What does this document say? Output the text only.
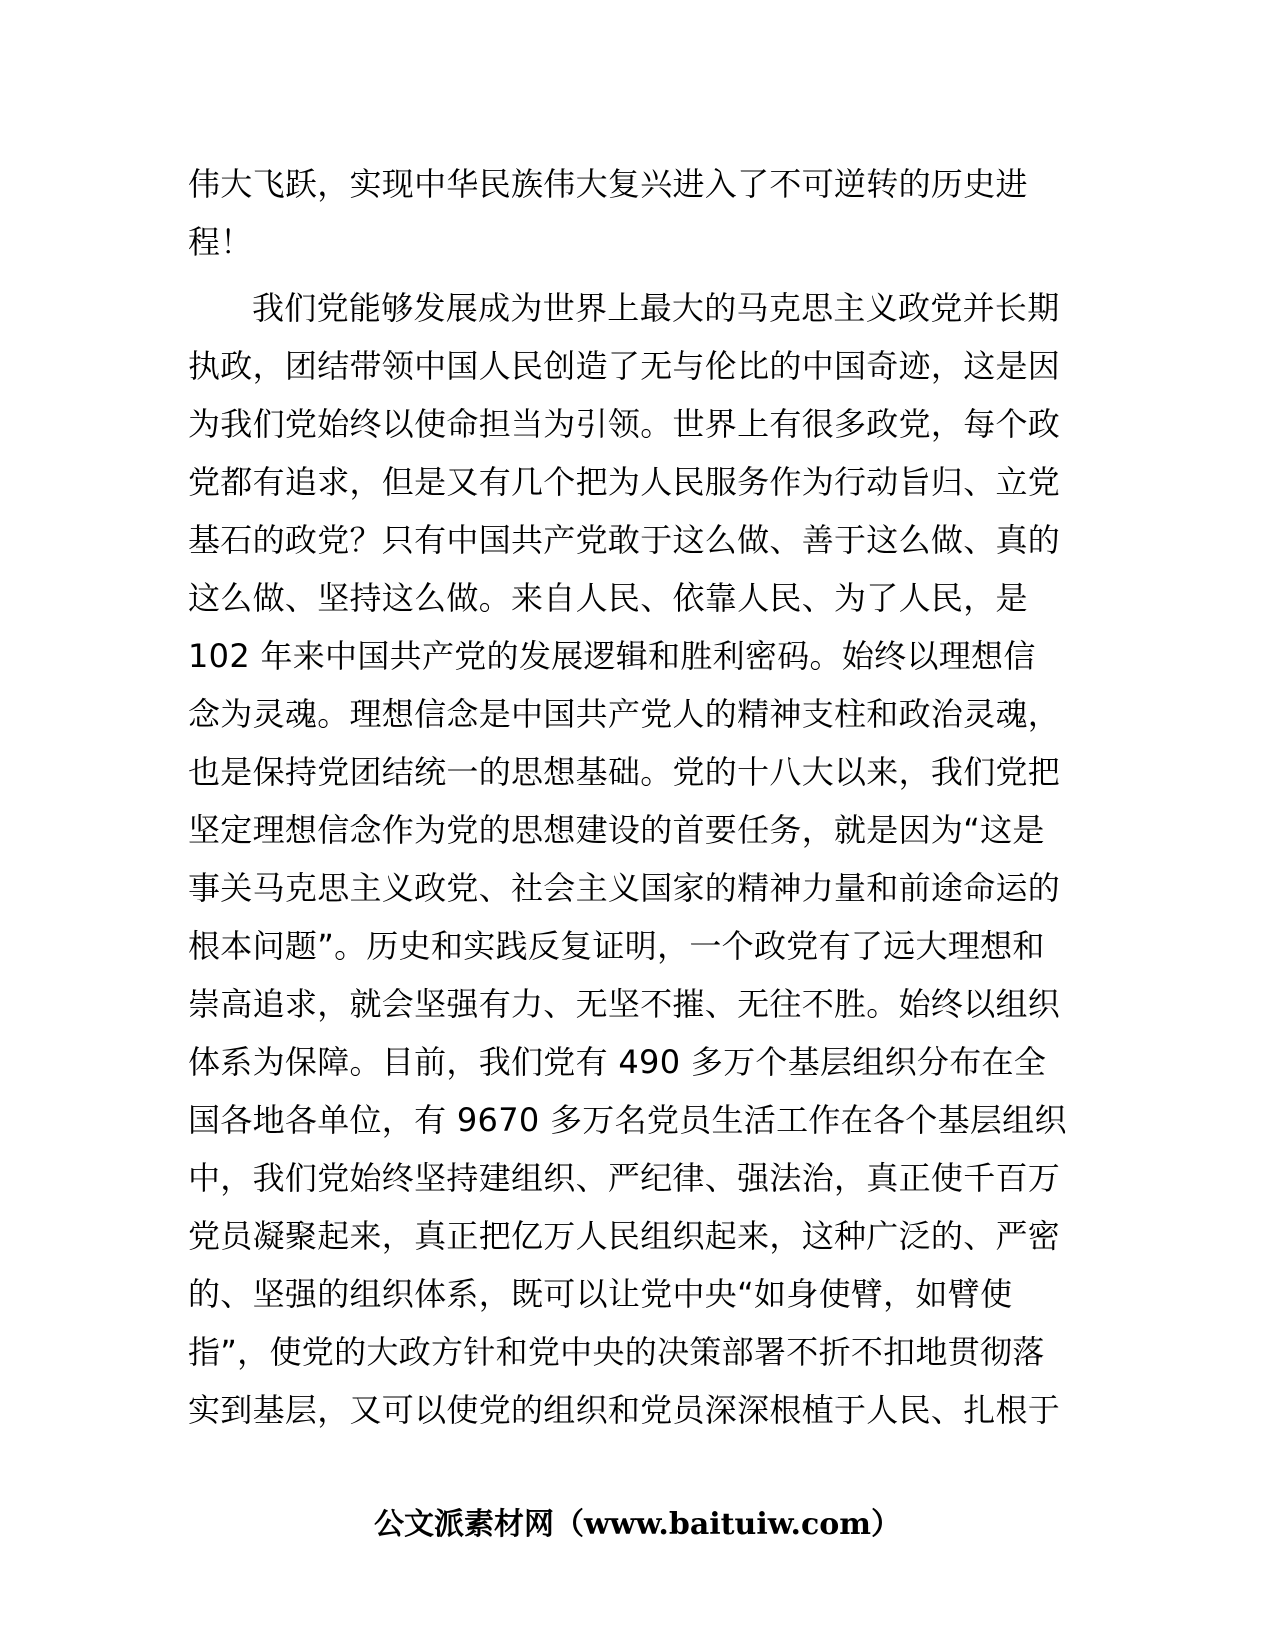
伟大飞跃，实现中华民族伟大复兴进入了不可逆转的历史进
程！
我们党能够发展成为世界上最大的马克思主义政党并长期
执政，团结带领中国人民创造了无与伦比的中国奇迹，这是因
为我们党始终以使命担当为引领。世界上有很多政党，每个政
党都有追求，但是又有几个把为人民服务作为行动旨归、立党
基石的政党？只有中国共产党敢于这么做、善于这么做、真的
这么做、坚持这么做。来自人民、依靠人民、为了人民，是
102 年来中国共产党的发展逻辑和胜利密码。始终以理想信
念为灵魂。理想信念是中国共产党人的精神支柱和政治灵魂，
也是保持党团结统一的思想基础。党的十八大以来，我们党把
坚定理想信念作为党的思想建设的首要任务，就是因为“这是
事关马克思主义政党、社会主义国家的精神力量和前途命运的
根本问题”。历史和实践反复证明，一个政党有了远大理想和
崇高追求，就会坚强有力、无坚不摧、无往不胜。始终以组织
体系为保障。目前，我们党有 490 多万个基层组织分布在全
国各地各单位，有 9670 多万名党员生活工作在各个基层组织
中，我们党始终坚持建组织、严纪律、强法治，真正使千百万
党员凝聚起来，真正把亿万人民组织起来，这种广泛的、严密
的、坚强的组织体系，既可以让党中央“如身使臂，如臂使
指”，使党的大政方针和党中央的决策部署不折不扣地贯彻落
实到基层，又可以使党的组织和党员深深根植于人民、扎根于
公文派素材网（www.baituiw.com）
